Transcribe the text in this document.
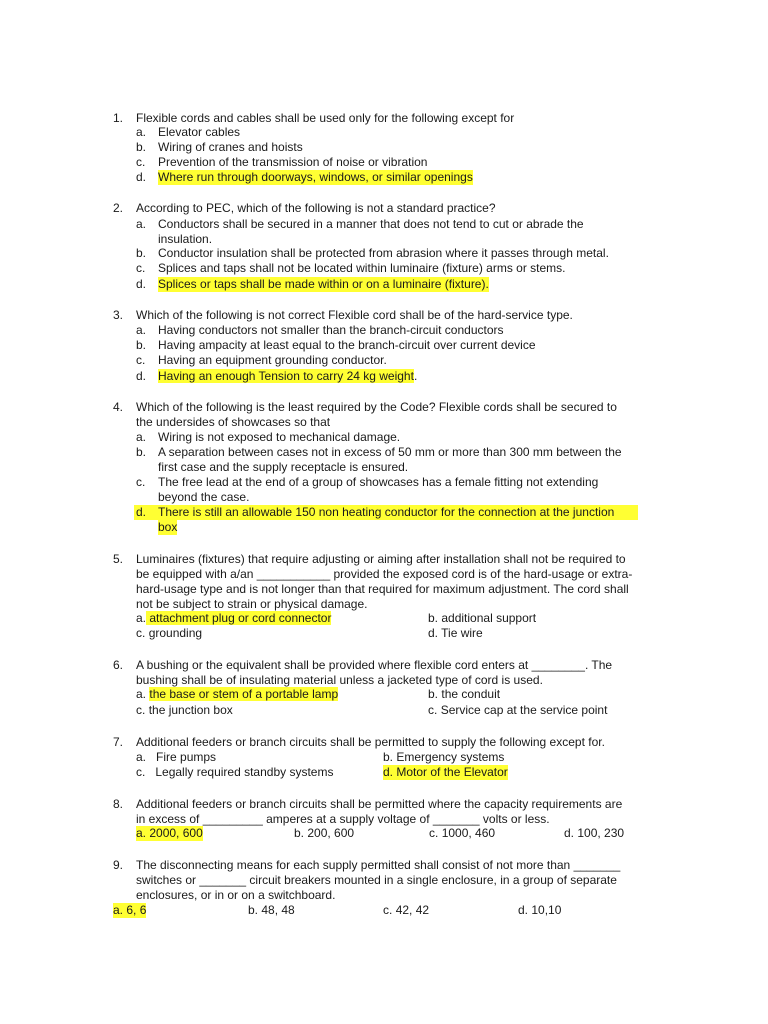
1. Flexible cords and cables shall be used only for the following except for
a. Elevator cables
b. Wiring of cranes and hoists
c. Prevention of the transmission of noise or vibration
d. Where run through doorways, windows, or similar openings
2. According to PEC, which of the following is not a standard practice?
a. Conductors shall be secured in a manner that does not tend to cut or abrade the
insulation.
b. Conductor insulation shall be protected from abrasion where it passes through metal.
c. Splices and taps shall not be located within luminaire (fixture) arms or stems.
d. Splices or taps shall be made within or on a luminaire (fixture).
3. Which of the following is not correct Flexible cord shall be of the hard-service type.
a. Having conductors not smaller than the branch-circuit conductors
b. Having ampacity at least equal to the branch-circuit over current device
c. Having an equipment grounding conductor.
d. Having an enough Tension to carry 24 kg weight.
4. Which of the following is the least required by the Code? Flexible cords shall be secured to
the undersides of showcases so that
a. Wiring is not exposed to mechanical damage.
b. A separation between cases not in excess of 50 mm or more than 300 mm between the
first case and the supply receptacle is ensured.
c. The free lead at the end of a group of showcases has a female fitting not extending
beyond the case.
d. There is still an allowable 150 non heating conductor for the connection at the junction
box
5. Luminaires (fixtures) that require adjusting or aiming after installation shall not be required to
be equipped with a/an ___________ provided the exposed cord is of the hard-usage or extra-
hard-usage type and is not longer than that required for maximum adjustment. The cord shall
not be subject to strain or physical damage.
a. attachment plug or cord connector	b. additional support
c. grounding	d. Tie wire
6. A bushing or the equivalent shall be provided where flexible cord enters at ________. The
bushing shall be of insulating material unless a jacketed type of cord is used.
a. the base or stem of a portable lamp	b. the conduit
c. the junction box	c. Service cap at the service point
7. Additional feeders or branch circuits shall be permitted to supply the following except for.
a. Fire pumps	b. Emergency systems
c. Legally required standby systems	d. Motor of the Elevator
8. Additional feeders or branch circuits shall be permitted where the capacity requirements are
in excess of _________ amperes at a supply voltage of _______ volts or less.
a. 2000, 600	b. 200, 600	c. 1000, 460	d. 100, 230
9. The disconnecting means for each supply permitted shall consist of not more than _______
switches or _______ circuit breakers mounted in a single enclosure, in a group of separate
enclosures, or in or on a switchboard.
a. 6, 6	b. 48, 48	c. 42, 42	d. 10,10
